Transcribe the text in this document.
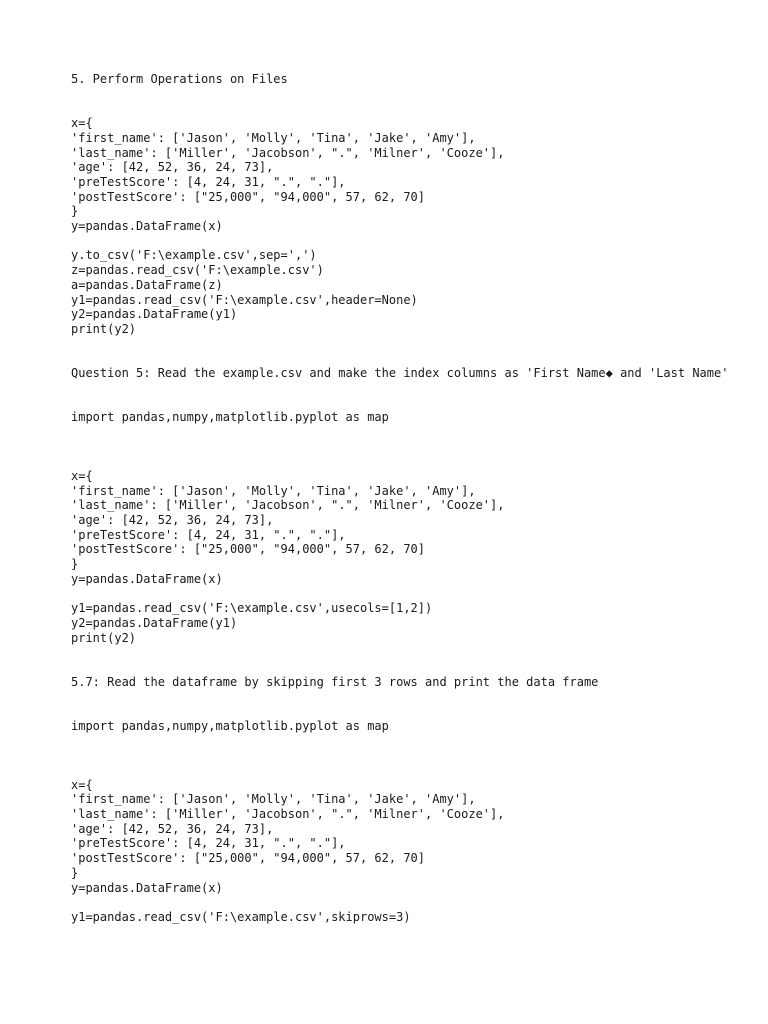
5. Perform Operations on Files
x={
'first_name': ['Jason', 'Molly', 'Tina', 'Jake', 'Amy'],
'last_name': ['Miller', 'Jacobson', ".", 'Milner', 'Cooze'],
'age': [42, 52, 36, 24, 73],
'preTestScore': [4, 24, 31, ".", "."],
'postTestScore': ["25,000", "94,000", 57, 62, 70]
}
y=pandas.DataFrame(x)
y.to_csv('F:\example.csv',sep=',')
z=pandas.read_csv('F:\example.csv')
a=pandas.DataFrame(z)
y1=pandas.read_csv('F:\example.csv',header=None)
y2=pandas.DataFrame(y1)
print(y2)
Question 5: Read the example.csv and make the index columns as 'First Name◆ and 'Last Name'
import pandas,numpy,matplotlib.pyplot as map
x={
'first_name': ['Jason', 'Molly', 'Tina', 'Jake', 'Amy'],
'last_name': ['Miller', 'Jacobson', ".", 'Milner', 'Cooze'],
'age': [42, 52, 36, 24, 73],
'preTestScore': [4, 24, 31, ".", "."],
'postTestScore': ["25,000", "94,000", 57, 62, 70]
}
y=pandas.DataFrame(x)
y1=pandas.read_csv('F:\example.csv',usecols=[1,2])
y2=pandas.DataFrame(y1)
print(y2)
5.7: Read the dataframe by skipping first 3 rows and print the data frame
import pandas,numpy,matplotlib.pyplot as map
x={
'first_name': ['Jason', 'Molly', 'Tina', 'Jake', 'Amy'],
'last_name': ['Miller', 'Jacobson', ".", 'Milner', 'Cooze'],
'age': [42, 52, 36, 24, 73],
'preTestScore': [4, 24, 31, ".", "."],
'postTestScore': ["25,000", "94,000", 57, 62, 70]
}
y=pandas.DataFrame(x)
y1=pandas.read_csv('F:\example.csv',skiprows=3)
